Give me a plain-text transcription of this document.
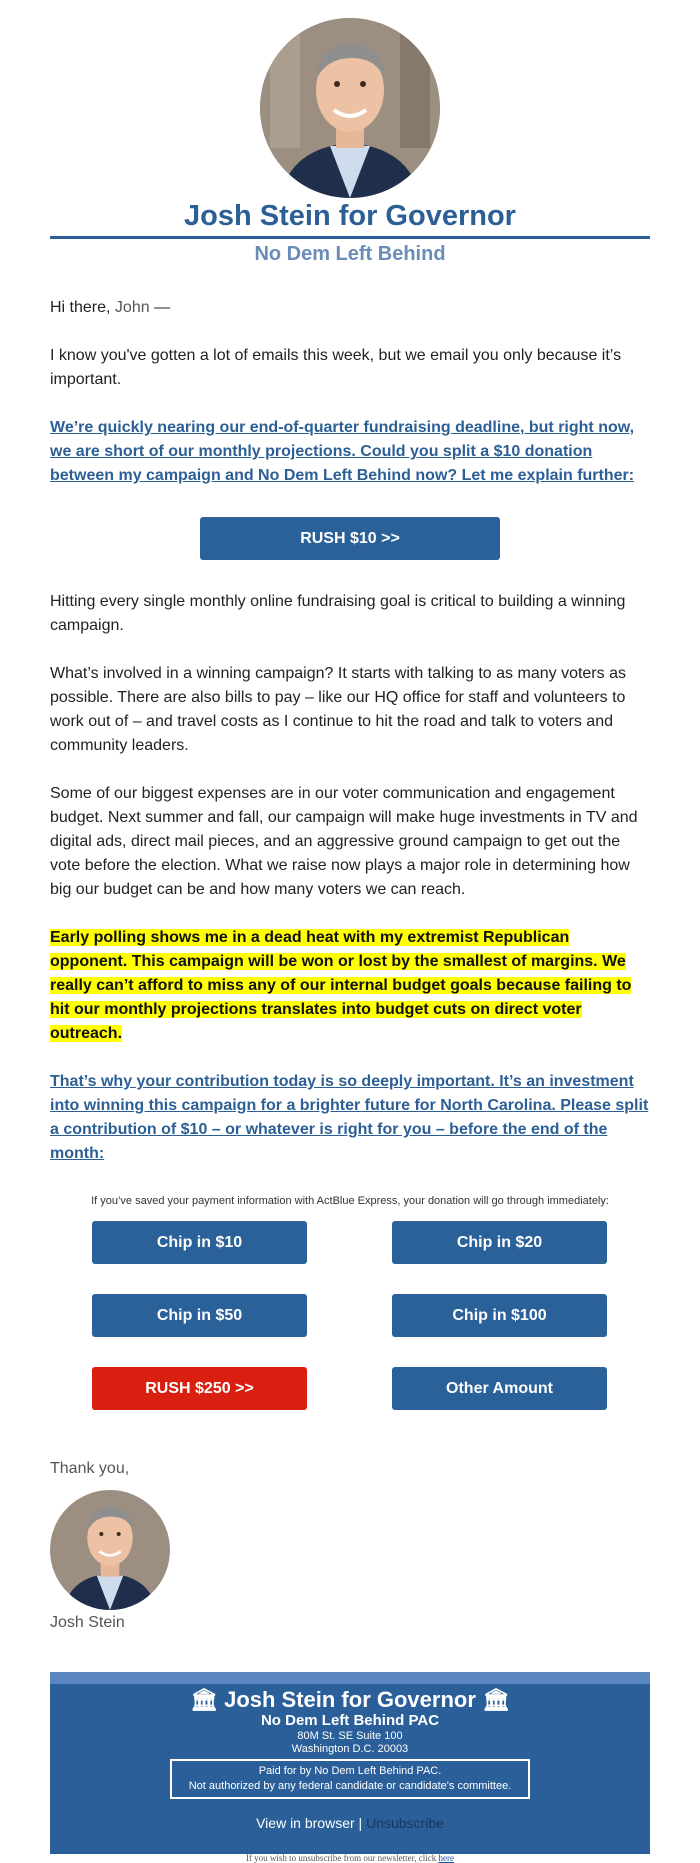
Josh Stein for Governor
No Dem Left Behind
Hi there, John —
I know you've gotten a lot of emails this week, but we email you only because it’s important.
We’re quickly nearing our end-of-quarter fundraising deadline, but right now, we are short of our monthly projections. Could you split a $10 donation between my campaign and No Dem Left Behind now? Let me explain further:
RUSH $10 >>
Hitting every single monthly online fundraising goal is critical to building a winning campaign.
What’s involved in a winning campaign? It starts with talking to as many voters as possible. There are also bills to pay – like our HQ office for staff and volunteers to work out of – and travel costs as I continue to hit the road and talk to voters and community leaders.
Some of our biggest expenses are in our voter communication and engagement budget. Next summer and fall, our campaign will make huge investments in TV and digital ads, direct mail pieces, and an aggressive ground campaign to get out the vote before the election. What we raise now plays a major role in determining how big our budget can be and how many voters we can reach.
Early polling shows me in a dead heat with my extremist Republican opponent. This campaign will be won or lost by the smallest of margins. We really can’t afford to miss any of our internal budget goals because failing to hit our monthly projections translates into budget cuts on direct voter outreach.
That’s why your contribution today is so deeply important. It’s an investment into winning this campaign for a brighter future for North Carolina. Please split a contribution of $10 – or whatever is right for you – before the end of the month:
If you’ve saved your payment information with ActBlue Express, your donation will go through immediately:
Chip in $10	Chip in $20
Chip in $50	Chip in $100
RUSH $250 >>	Other Amount
Thank you,
Josh Stein
🏛 Josh Stein for Governor 🏛
No Dem Left Behind PAC
80M St. SE Suite 100
Washington D.C. 20003
Paid for by No Dem Left Behind PAC.
Not authorized by any federal candidate or candidate's committee.
View in browser | Unsubscribe
If you wish to unsubscribe from our newsletter, click here
